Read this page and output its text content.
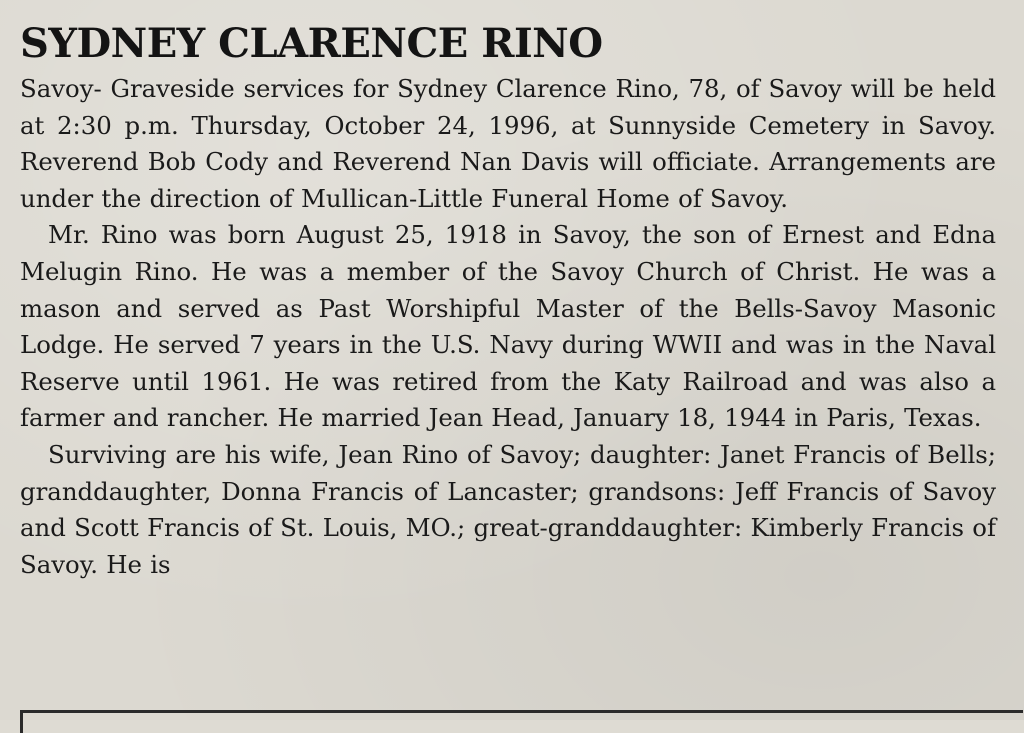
SYDNEY CLARENCE RINO

Savoy- Graveside services for Sydney Clarence Rino, 78, of Savoy will be held at 2:30 p.m. Thursday, October 24, 1996, at Sunnyside Cemetery in Savoy. Reverend Bob Cody and Reverend Nan Davis will officiate. Arrangements are under the direction of Mullican-Little Funeral Home of Savoy.

Mr. Rino was born August 25, 1918 in Savoy, the son of Ernest and Edna Melugin Rino. He was a member of the Savoy Church of Christ. He was a mason and served as Past Worshipful Master of the Bells-Savoy Masonic Lodge. He served 7 years in the U.S. Navy during WWII and was in the Naval Reserve until 1961. He was retired from the Katy Railroad and was also a farmer and rancher. He married Jean Head, January 18, 1944 in Paris, Texas.

Surviving are his wife, Jean Rino of Savoy; daughter: Janet Francis of Bells; granddaughter, Donna Francis of Lancaster; grandsons: Jeff Francis of Savoy and Scott Francis of St. Louis, MO.; great-granddaughter: Kimberly Francis of Savoy. He is
